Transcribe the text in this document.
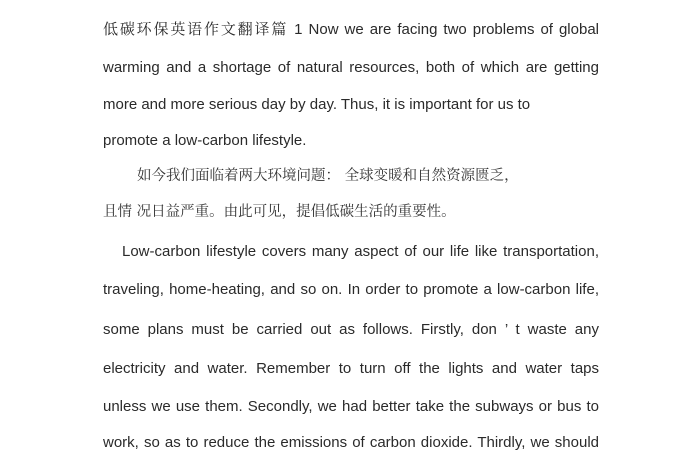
低碳环保英语作文翻译篇 1 Now we are facing two problems of global
warming and a shortage of natural resources, both of which are getting
more and more serious day by day. Thus, it is important for us to
promote a low-carbon lifestyle.
如今我们面临着两大环境问题： 全球变暖和自然资源匮乏，
且情 况日益严重。由此可见，提倡低碳生活的重要性。
Low-carbon lifestyle covers many aspect of our life like transportation,
traveling, home-heating, and so on. In order to promote a low-carbon life,
some plans must be carried out as follows. Firstly, don ’ t waste any
electricity and water. Remember to turn off the lights and water taps
unless we use them. Secondly, we had better take the subways or bus to
work, so as to reduce the emissions of carbon dioxide. Thirdly, we should
